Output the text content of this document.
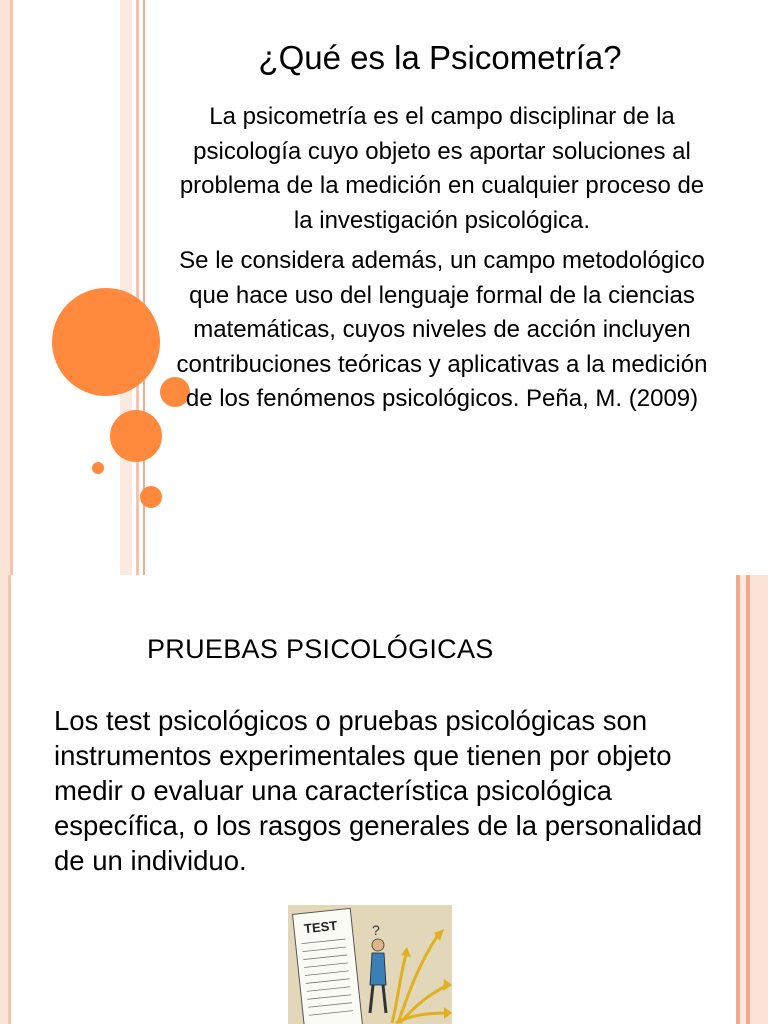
¿Qué es la Psicometría?

La psicometría es el campo disciplinar de la psicología cuyo objeto es aportar soluciones al problema de la medición en cualquier proceso de la investigación psicológica.

Se le considera además, un campo metodológico que hace uso del lenguaje formal de la ciencias matemáticas, cuyos niveles de acción incluyen contribuciones teóricas y aplicativas a la medición de los fenómenos psicológicos. Peña, M. (2009)

PRUEBAS PSICOLÓGICAS
Los test psicológicos o pruebas psicológicas son instrumentos experimentales que tienen por objeto medir o evaluar una característica psicológica específica, o los rasgos generales de la personalidad de un individuo.
TEST ?
